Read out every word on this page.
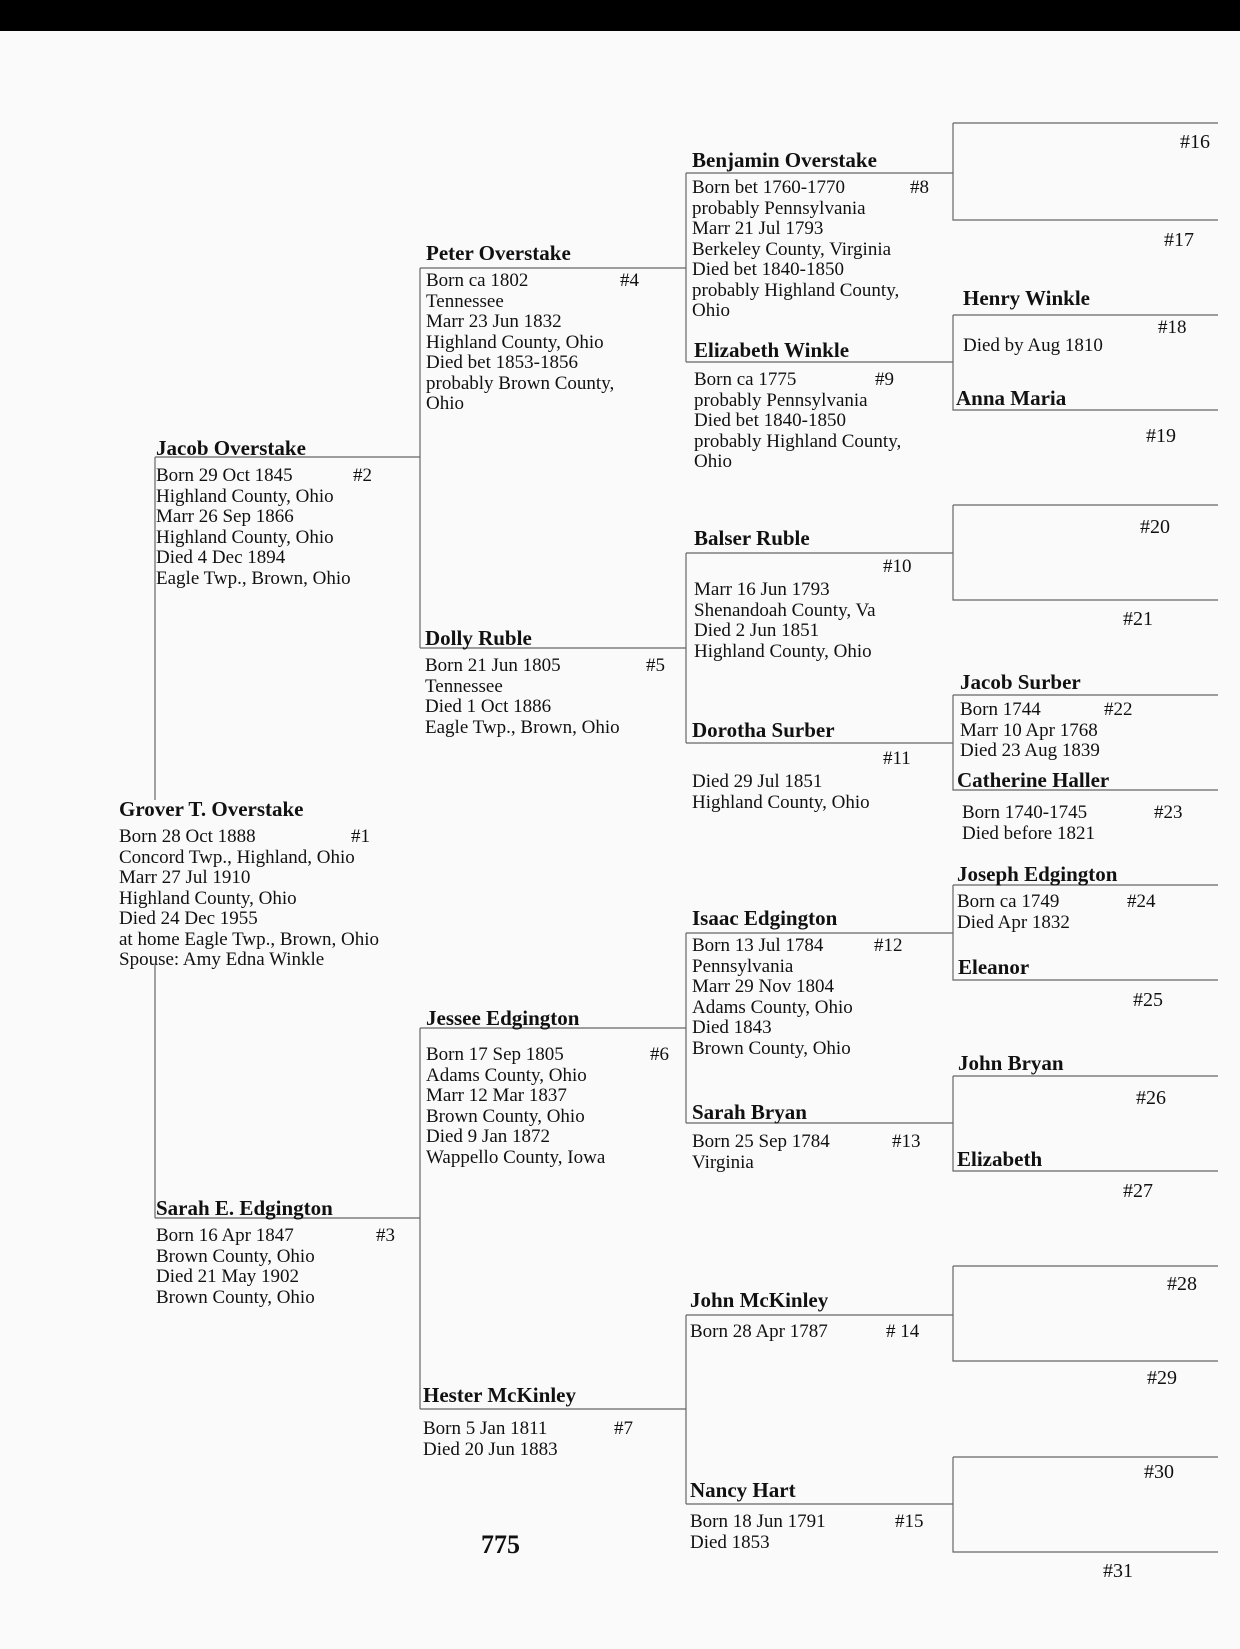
Grover T. Overstake
#1
Born 28 Oct 1888
Concord Twp., Highland, Ohio
Marr 27 Jul 1910
Highland County, Ohio
Died 24 Dec 1955
at home Eagle Twp., Brown, Ohio
Spouse: Amy Edna Winkle
Jacob Overstake
#2
Born 29 Oct 1845
Highland County, Ohio
Marr 26 Sep 1866
Highland County, Ohio
Died 4 Dec 1894
Eagle Twp., Brown, Ohio
Sarah E. Edgington
#3
Born 16 Apr 1847
Brown County, Ohio
Died 21 May 1902
Brown County, Ohio
Peter Overstake
#4
Born ca 1802
Tennessee
Marr 23 Jun 1832
Highland County, Ohio
Died bet 1853-1856
probably Brown County,
Ohio
Dolly Ruble
#5
Born 21 Jun 1805
Tennessee
Died 1 Oct 1886
Eagle Twp., Brown, Ohio
Jessee Edgington
#6
Born 17 Sep 1805
Adams County, Ohio
Marr 12 Mar 1837
Brown County, Ohio
Died 9 Jan 1872
Wappello County, Iowa
Hester McKinley
#7
Born 5 Jan 1811
Died 20 Jun 1883
Benjamin Overstake
#8
Born bet 1760-1770
probably Pennsylvania
Marr 21 Jul 1793
Berkeley County, Virginia
Died bet 1840-1850
probably Highland County,
Ohio
Elizabeth Winkle
#9
Born ca 1775
probably Pennsylvania
Died bet 1840-1850
probably Highland County,
Ohio
Balser Ruble
#10
Marr 16 Jun 1793
Shenandoah County, Va
Died 2 Jun 1851
Highland County, Ohio
Dorotha Surber
#11
Died 29 Jul 1851
Highland County, Ohio
Isaac Edgington
#12
Born 13 Jul 1784
Pennsylvania
Marr 29 Nov 1804
Adams County, Ohio
Died 1843
Brown County, Ohio
Sarah Bryan
#13
Born 25 Sep 1784
Virginia
John McKinley
# 14
Born 28 Apr 1787
Nancy Hart
#15
Born 18 Jun 1791
Died 1853
Henry Winkle
#18
Died by Aug 1810
Anna Maria
#19
Jacob Surber
#22
Born 1744
Marr 10 Apr 1768
Died 23 Aug 1839
Catherine Haller
#23
Born 1740-1745
Died before 1821
Joseph Edgington
#24
Born ca 1749
Died Apr 1832
Eleanor
#25
John Bryan
#26
Elizabeth
#27
#16
#17
#20
#21
#28
#29
#30
#31
775
